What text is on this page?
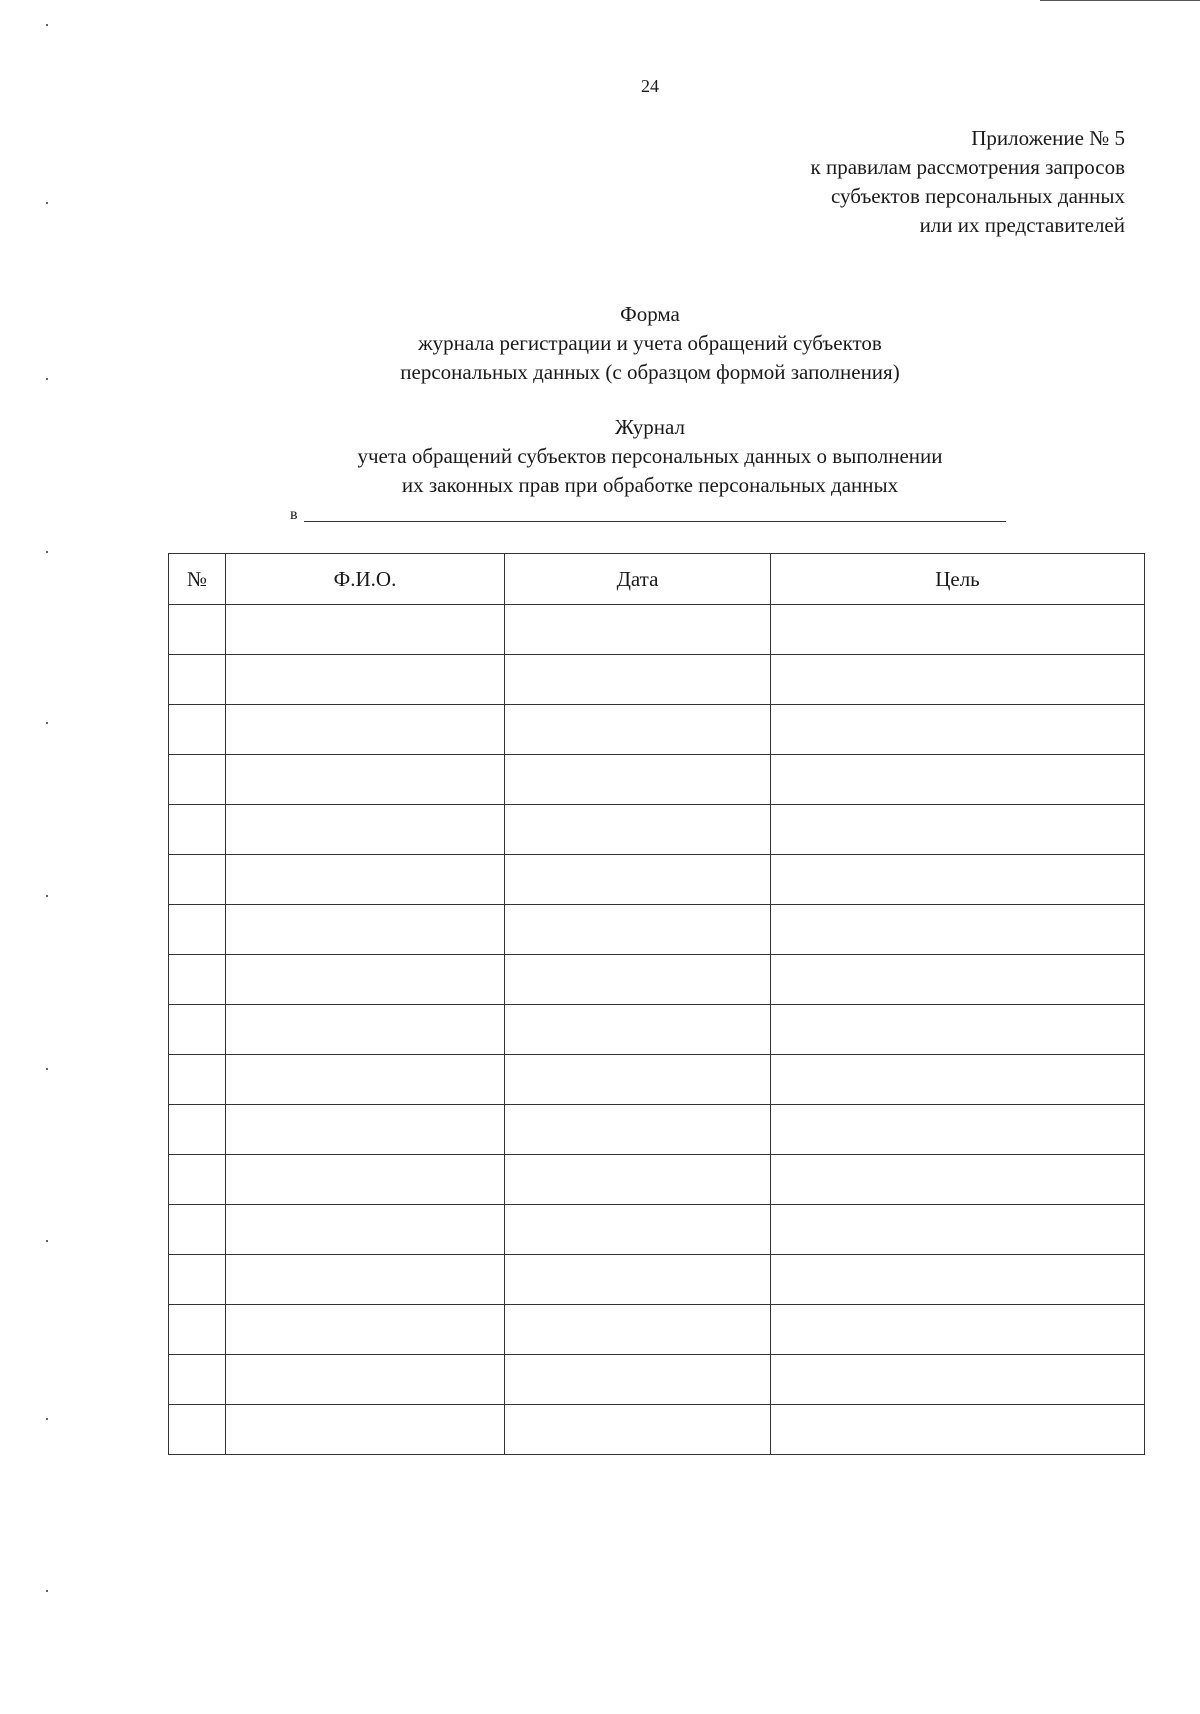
24
Приложение № 5
к правилам рассмотрения запросов
субъектов персональных данных
или их представителей
Форма
журнала регистрации и учета обращений субъектов
персональных данных (с образцом формой заполнения)
Журнал
учета обращений субъектов персональных данных о выполнении
их законных прав при обработке персональных данных
в
№	Ф.И.О.	Дата	Цель
